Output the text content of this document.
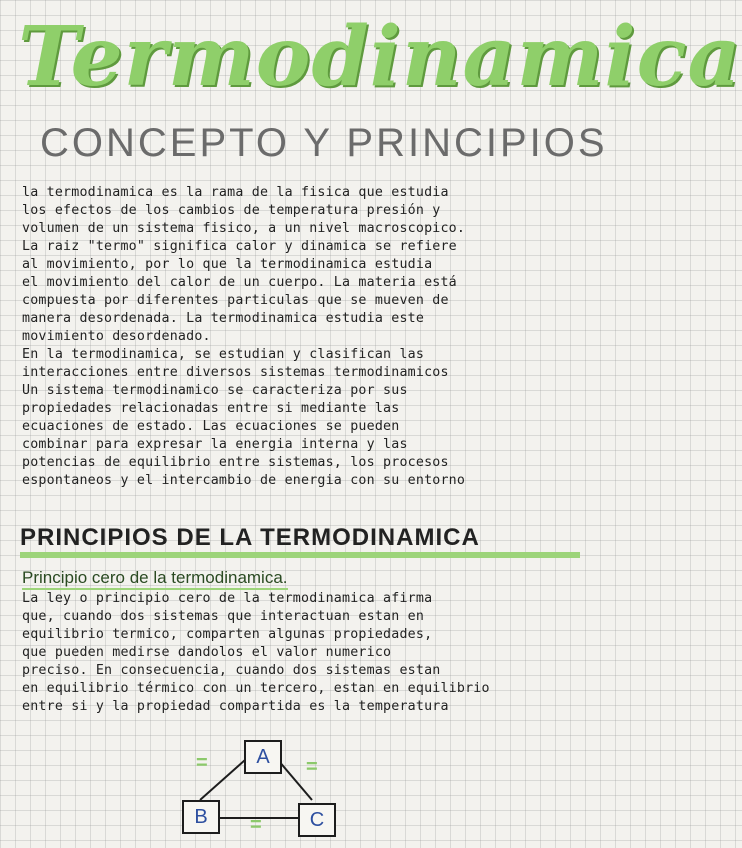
Termodinamica
CONCEPTO Y PRINCIPIOS
la termodinamica es la rama de la fisica que estudia
los efectos de los cambios de temperatura presión y
volumen de un sistema fisico, a un nivel macroscopico.
La raiz "termo" significa calor y dinamica se refiere
al movimiento, por lo que la termodinamica estudia
el movimiento del calor de un cuerpo. La materia está
compuesta por diferentes particulas que se mueven de
manera desordenada. La termodinamica estudia este
movimiento desordenado.
En la termodinamica, se estudian y clasifican las
interacciones entre diversos sistemas termodinamicos
Un sistema termodinamico se caracteriza por sus
propiedades relacionadas entre si mediante las
ecuaciones de estado. Las ecuaciones se pueden
combinar para expresar la energia interna y las
potencias de equilibrio entre sistemas, los procesos
espontaneos y el intercambio de energia con su entorno
PRINCIPIOS DE LA TERMODINAMICA
Principio cero de la termodinamica.
La ley o principio cero de la termodinamica afirma
que, cuando dos sistemas que interactuan estan en
equilibrio termico, comparten algunas propiedades,
que pueden medirse dandolos el valor numerico
preciso. En consecuencia, cuando dos sistemas estan
en equilibrio térmico con un tercero, estan en equilibrio
entre si y la propiedad compartida es la temperatura
A
B	C
=	=
=
